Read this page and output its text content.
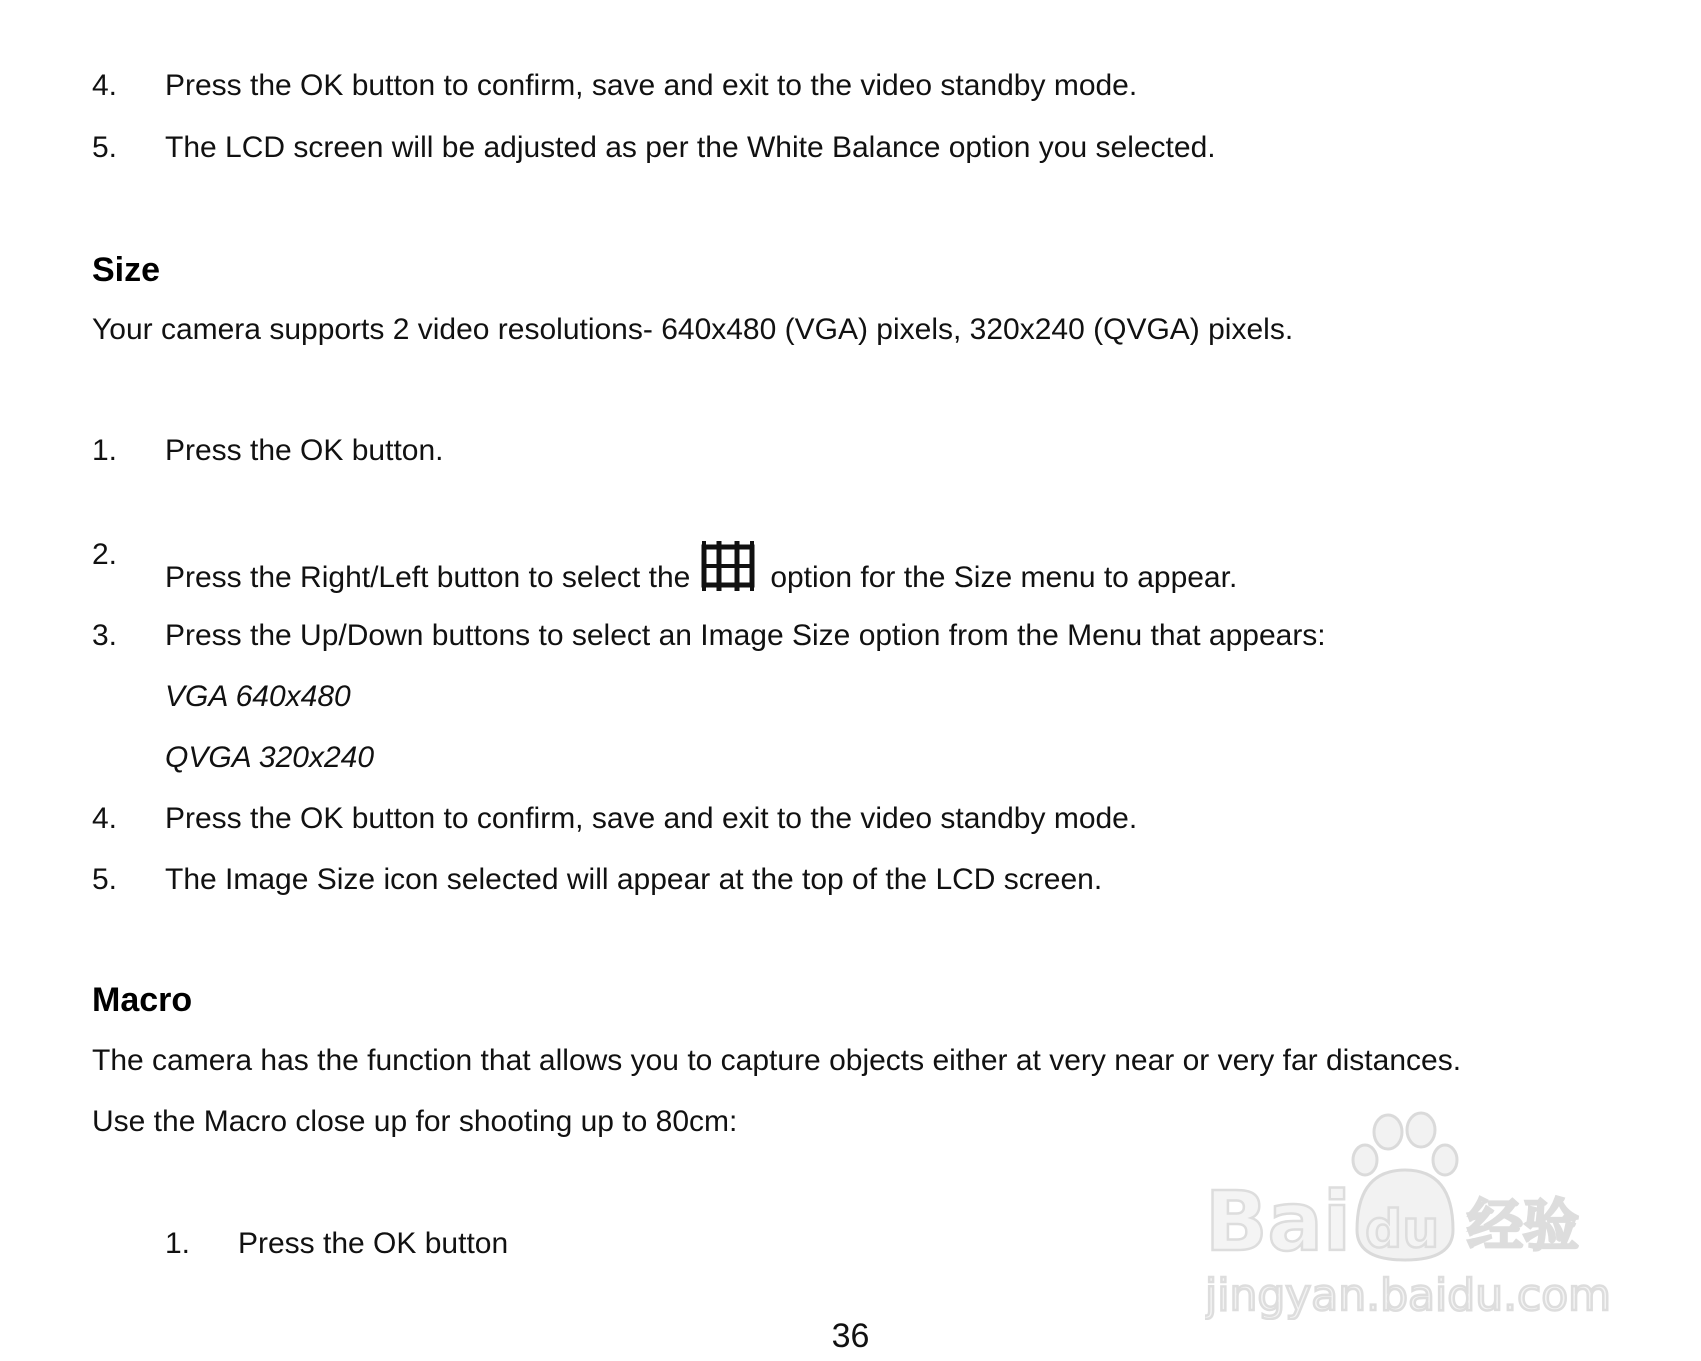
4. Press the OK button to confirm, save and exit to the video standby mode.
5. The LCD screen will be adjusted as per the White Balance option you selected.
Size
Your camera supports 2 video resolutions- 640x480 (VGA) pixels, 320x240 (QVGA) pixels.
1. Press the OK button.
2.
Press the Right/Left button to select the	option for the Size menu to appear.
3. Press the Up/Down buttons to select an Image Size option from the Menu that appears:
VGA 640x480
QVGA 320x240
4. Press the OK button to confirm, save and exit to the video standby mode.
5. The Image Size icon selected will appear at the top of the LCD screen.
Macro
The camera has the function that allows you to capture objects either at very near or very far distances.
Use the Macro close up for shooting up to 80cm:
1. Press the OK button
36
Bai du 经验
jingyan.baidu.com
